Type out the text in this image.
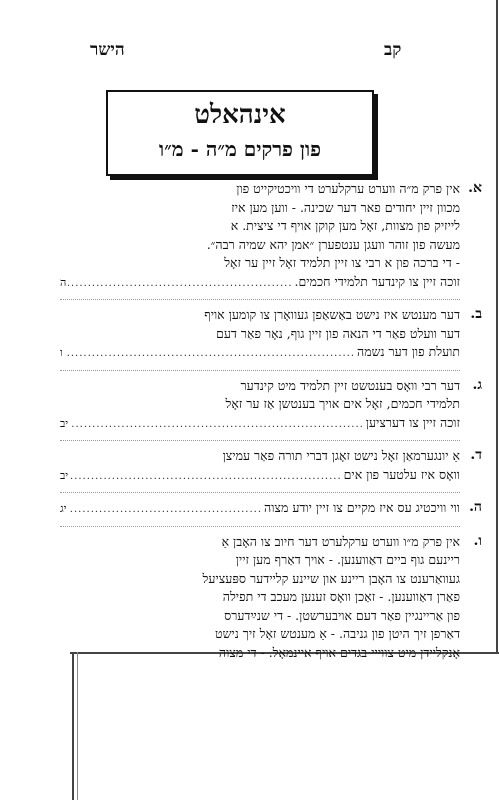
הישר	קב
אינהאלט
פון פרקים מ״ה - מ״ו
א.
אין פרק מ״ה ווערט ערקלערט די וויכטיקייט פון
מכוון זיין יחודים פאר דער שכינה. - ווען מען איז
לייזיק פון מצוות, זאָל מען קוקן אויף די ציצית. א
מעשה פון זוהר וועגן ענטפערן ״אמן יהא שמיה רבה״.
- די ברכה פון א רבי צו זיין תלמיד זאָל זיין ער זאָל
זוכה זיין צו קינדער תלמידי חכמים.
.....
ה
ב.
דער מענטש איז נישט באַשאַפן געוואָרן צו קומען אויף
דער וועלט פאַר די הנאה פון זיין גוף, נאָר פאַר דעם
תועלת פון דער נשמה
.....
ו
ג.
דער רבי וואָס בענטשט זיין תלמיד מיט קינדער
תלמידי חכמים, זאָל אים אויך בענטשן אַז ער זאָל
זוכה זיין צו דערציען
.....
יב
ד.
אַ יונגערמאַן זאָל נישט זאָגן דברי תורה פאַר עמיצן
וואָס איז עלטער פון אים
.....
יב
ה.
ווי וויכטיג עס איז מקיים צו זיין יודע מצוה
.....
יג
ו.
אין פרק מ״ו ווערט ערקלערט דער חיוב צו האָבן אַ
ריינעם גוף ביים דאַווענען. - אויך דאַרף מען זיין
געוואַרענט צו האָבן ריינע און שיינע קליידער ספּעציעל
פאַרן דאַווענען. - זאַכן וואָס זענען מעכב די תפילה
פון אַריינגיין פאַר דעם אויבערשטן. - די שנײַדערס
דאַרפן זיך היטן פון גניבה. - אַ מענטש זאָל זיך נישט
אָנקליידן מיט צווייי בגדים אויף איינמאָל. - די מצוה
